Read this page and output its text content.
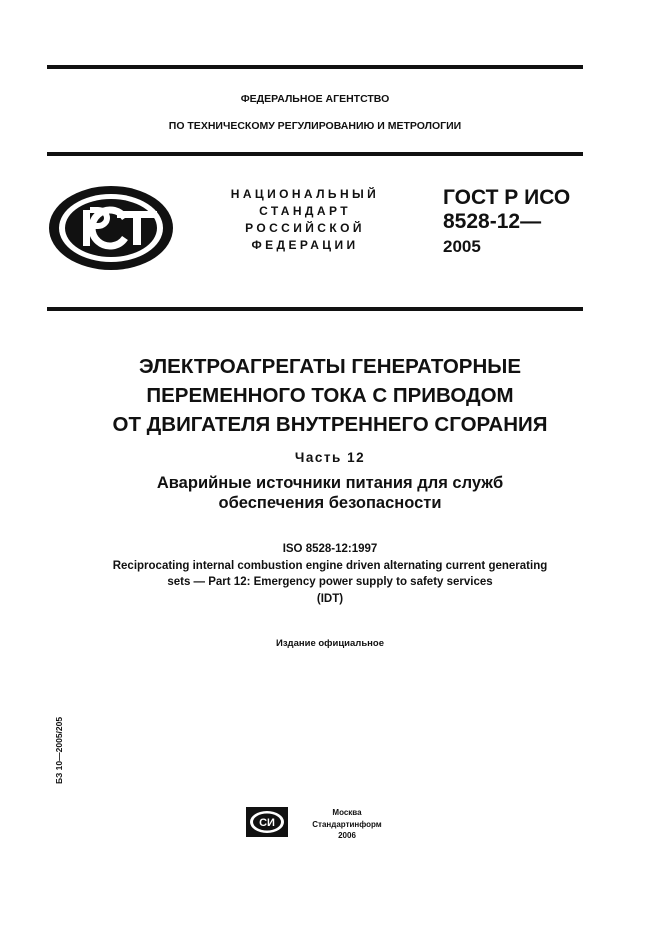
ФЕДЕРАЛЬНОЕ АГЕНТСТВО
ПО ТЕХНИЧЕСКОМУ РЕГУЛИРОВАНИЮ И МЕТРОЛОГИИ
НАЦИОНАЛЬНЫЙ
СТАНДАРТ
РОССИЙСКОЙ
ФЕДЕРАЦИИ
ГОСТ Р ИСО
8528-12—
2005
ЭЛЕКТРОАГРЕГАТЫ ГЕНЕРАТОРНЫЕ
ПЕРЕМЕННОГО ТОКА С ПРИВОДОМ
ОТ ДВИГАТЕЛЯ ВНУТРЕННЕГО СГОРАНИЯ
Часть 12
Аварийные источники питания для служб
обеспечения безопасности
ISO 8528-12:1997
Reciprocating internal combustion engine driven alternating current generating
sets — Part 12: Emergency power supply to safety services
(IDT)
Издание официальное
БЗ 10—2005/205
СИ
Москва
Стандартинформ
2006
